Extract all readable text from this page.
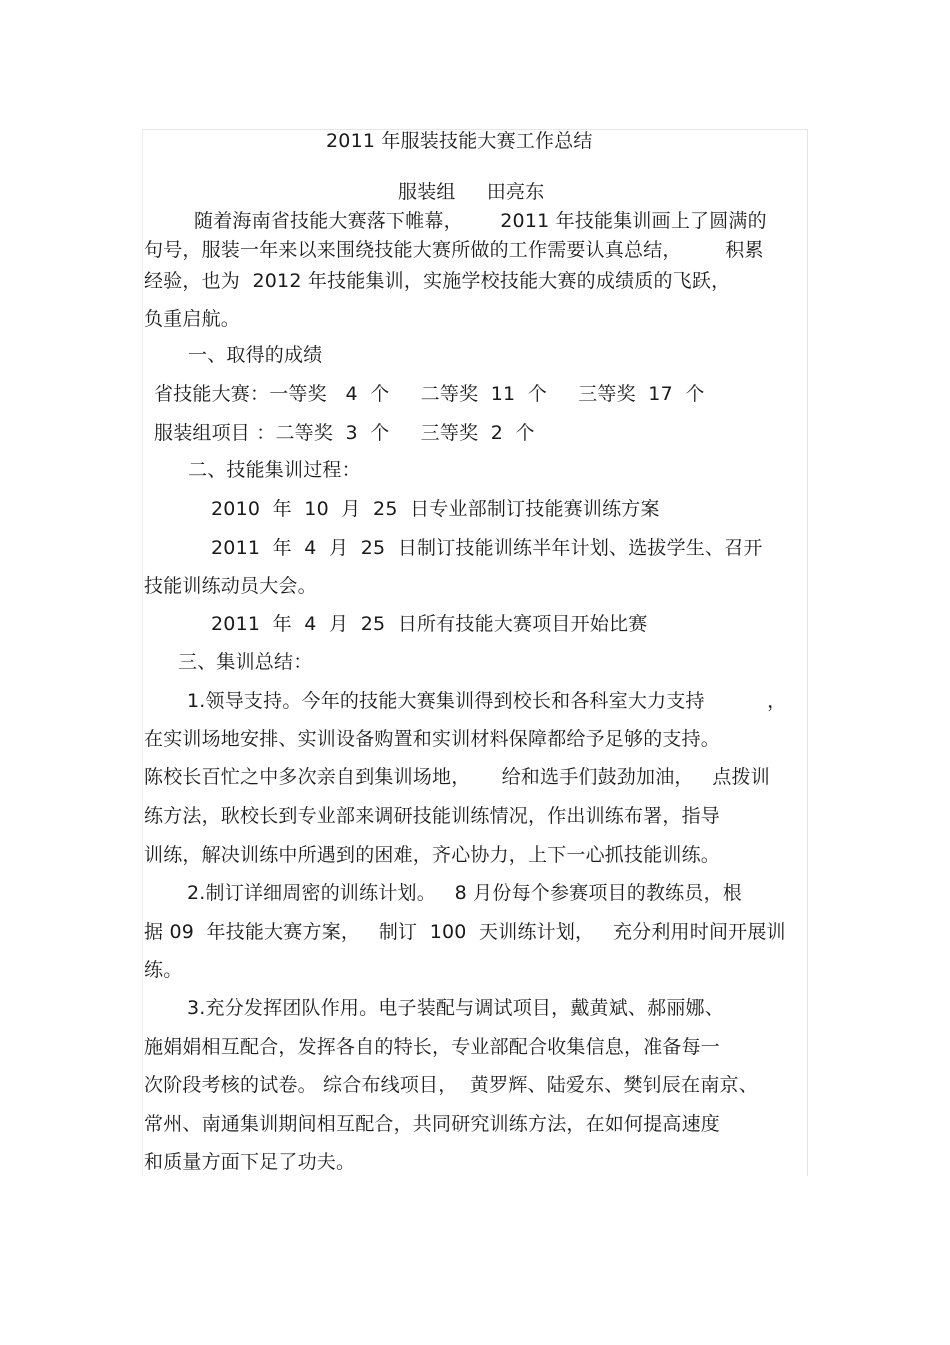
2011 年服装技能大赛工作总结
服装组     田亮东
随着海南省技能大赛落下帷幕，      2011 年技能集训画上了圆满的
句号，服装一年来以来围绕技能大赛所做的工作需要认真总结，       积累
经验，也为  2012 年技能集训，实施学校技能大赛的成绩质的飞跃，
负重启航。
一、取得的成绩
省技能大赛：一等奖   4  个     二等奖  11  个     三等奖  17  个
服装组项目 ：二等奖  3  个     三等奖  2  个
二、技能集训过程：
2010  年  10  月  25  日专业部制订技能赛训练方案
2011  年  4  月  25  日制订技能训练半年计划、选拔学生、召开
技能训练动员大会。
2011  年  4  月  25  日所有技能大赛项目开始比赛
三、集训总结：
1.领导支持。今年的技能大赛集训得到校长和各科室大力支持          ，
在实训场地安排、实训设备购置和实训材料保障都给予足够的支持。
陈校长百忙之中多次亲自到集训场地，     给和选手们鼓劲加油，   点拨训
练方法，耿校长到专业部来调研技能训练情况，作出训练布署，指导
训练，解决训练中所遇到的困难，齐心协力，上下一心抓技能训练。
2.制订详细周密的训练计划。   8 月份每个参赛项目的教练员，根
据 09  年技能大赛方案，   制订  100  天训练计划，   充分利用时间开展训
练。
3.充分发挥团队作用。电子装配与调试项目，戴黄斌、郝丽娜、
施娟娟相互配合，发挥各自的特长，专业部配合收集信息，准备每一
次阶段考核的试卷。 综合布线项目，  黄罗辉、陆爱东、樊钊辰在南京、
常州、南通集训期间相互配合，共同研究训练方法，在如何提高速度
和质量方面下足了功夫。
